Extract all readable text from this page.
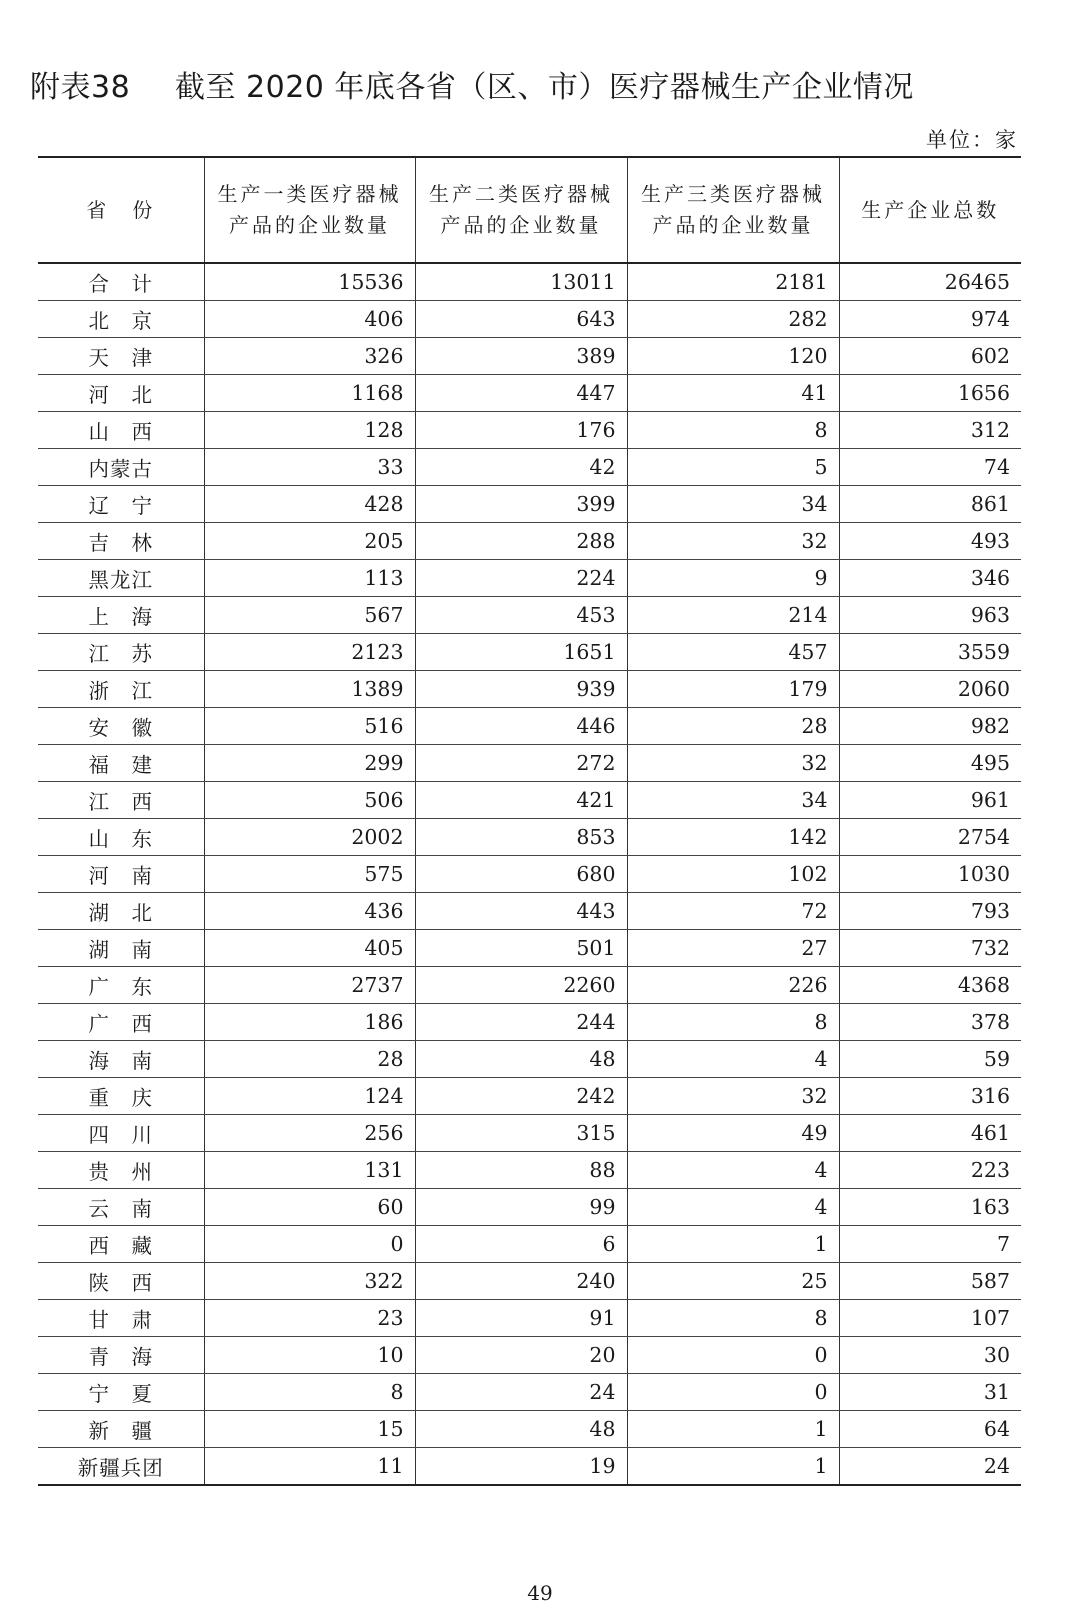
附表38 截至 2020 年底各省（区、市）医疗器械生产企业情况
单位：家
省　份	生产一类医疗器械产品的企业数量	生产二类医疗器械产品的企业数量	生产三类医疗器械产品的企业数量	生产企业总数
合　计	15536	13011	2181	26465
北　京	406	643	282	974
天　津	326	389	120	602
河　北	1168	447	41	1656
山　西	128	176	8	312
内蒙古	33	42	5	74
辽　宁	428	399	34	861
吉　林	205	288	32	493
黑龙江	113	224	9	346
上　海	567	453	214	963
江　苏	2123	1651	457	3559
浙　江	1389	939	179	2060
安　徽	516	446	28	982
福　建	299	272	32	495
江　西	506	421	34	961
山　东	2002	853	142	2754
河　南	575	680	102	1030
湖　北	436	443	72	793
湖　南	405	501	27	732
广　东	2737	2260	226	4368
广　西	186	244	8	378
海　南	28	48	4	59
重　庆	124	242	32	316
四　川	256	315	49	461
贵　州	131	88	4	223
云　南	60	99	4	163
西　藏	0	6	1	7
陕　西	322	240	25	587
甘　肃	23	91	8	107
青　海	10	20	0	30
宁　夏	8	24	0	31
新　疆	15	48	1	64
新疆兵团	11	19	1	24
49
